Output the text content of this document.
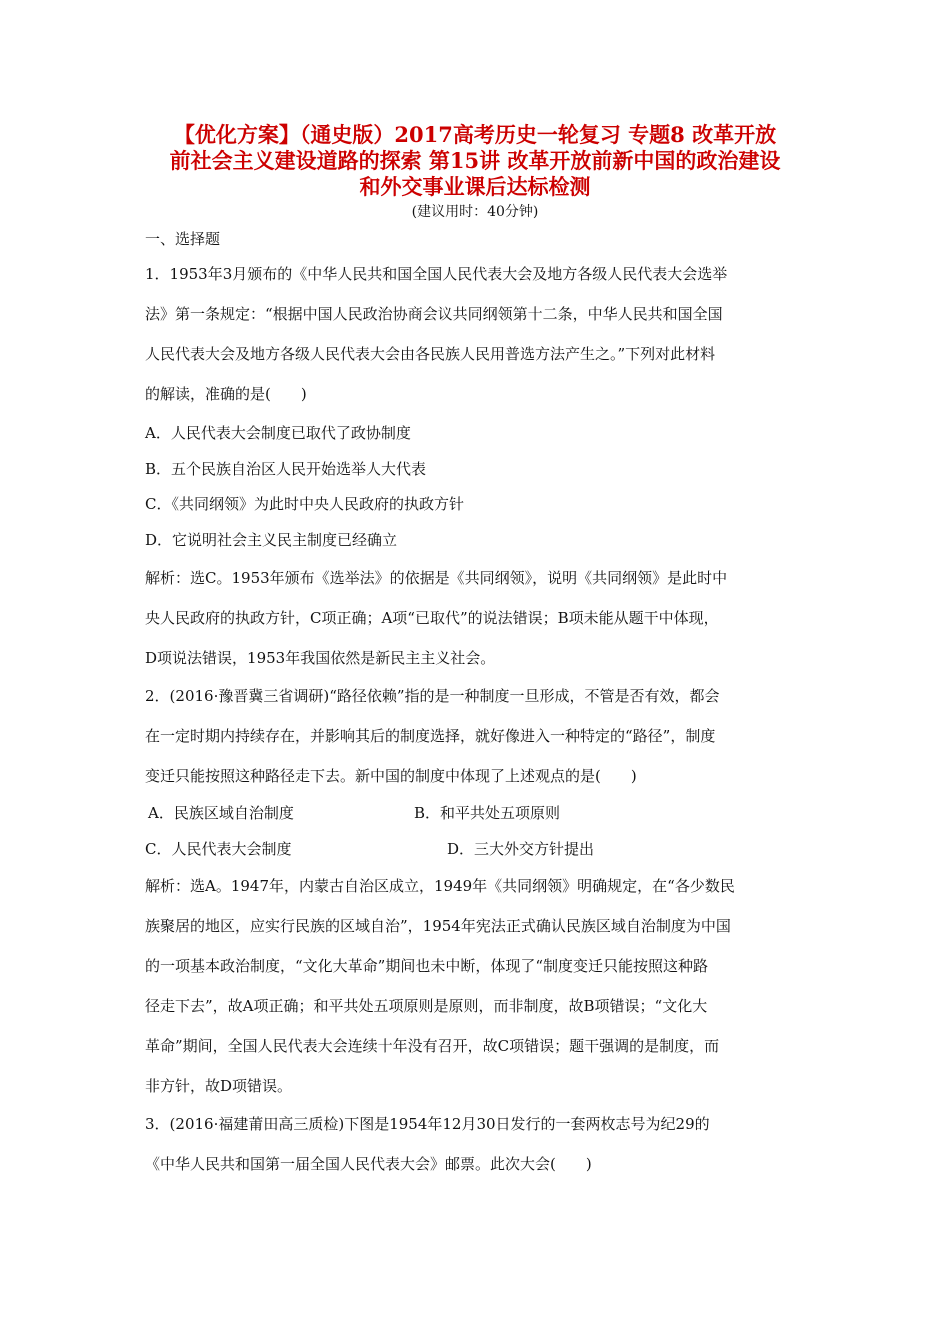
【优化方案】（通史版）2017高考历史一轮复习 专题8 改革开放
前社会主义建设道路的探索 第15讲 改革开放前新中国的政治建设
和外交事业课后达标检测
(建议用时：40分钟)
一、选择题
1．1953年3月颁布的《中华人民共和国全国人民代表大会及地方各级人民代表大会选举
法》第一条规定：“根据中国人民政治协商会议共同纲领第十二条，中华人民共和国全国
人民代表大会及地方各级人民代表大会由各民族人民用普选方法产生之。”下列对此材料
的解读，准确的是(　　)
A．人民代表大会制度已取代了政协制度
B．五个民族自治区人民开始选举人大代表
C．《共同纲领》为此时中央人民政府的执政方针
D．它说明社会主义民主制度已经确立
解析：选C。1953年颁布《选举法》的依据是《共同纲领》，说明《共同纲领》是此时中
央人民政府的执政方针，C项正确；A项“已取代”的说法错误；B项未能从题干中体现，
D项说法错误，1953年我国依然是新民主主义社会。
2．(2016·豫晋冀三省调研)“路径依赖”指的是一种制度一旦形成，不管是否有效，都会
在一定时期内持续存在，并影响其后的制度选择，就好像进入一种特定的“路径”，制度
变迁只能按照这种路径走下去。新中国的制度中体现了上述观点的是(　　)
A．民族区域自治制度	B．和平共处五项原则
C．人民代表大会制度	D．三大外交方针提出
解析：选A。1947年，内蒙古自治区成立，1949年《共同纲领》明确规定，在“各少数民
族聚居的地区，应实行民族的区域自治”，1954年宪法正式确认民族区域自治制度为中国
的一项基本政治制度，“文化大革命”期间也未中断，体现了“制度变迁只能按照这种路
径走下去”，故A项正确；和平共处五项原则是原则，而非制度，故B项错误；“文化大
革命”期间，全国人民代表大会连续十年没有召开，故C项错误；题干强调的是制度，而
非方针，故D项错误。
3．(2016·福建莆田高三质检)下图是1954年12月30日发行的一套两枚志号为纪29的
《中华人民共和国第一届全国人民代表大会》邮票。此次大会(　　)
